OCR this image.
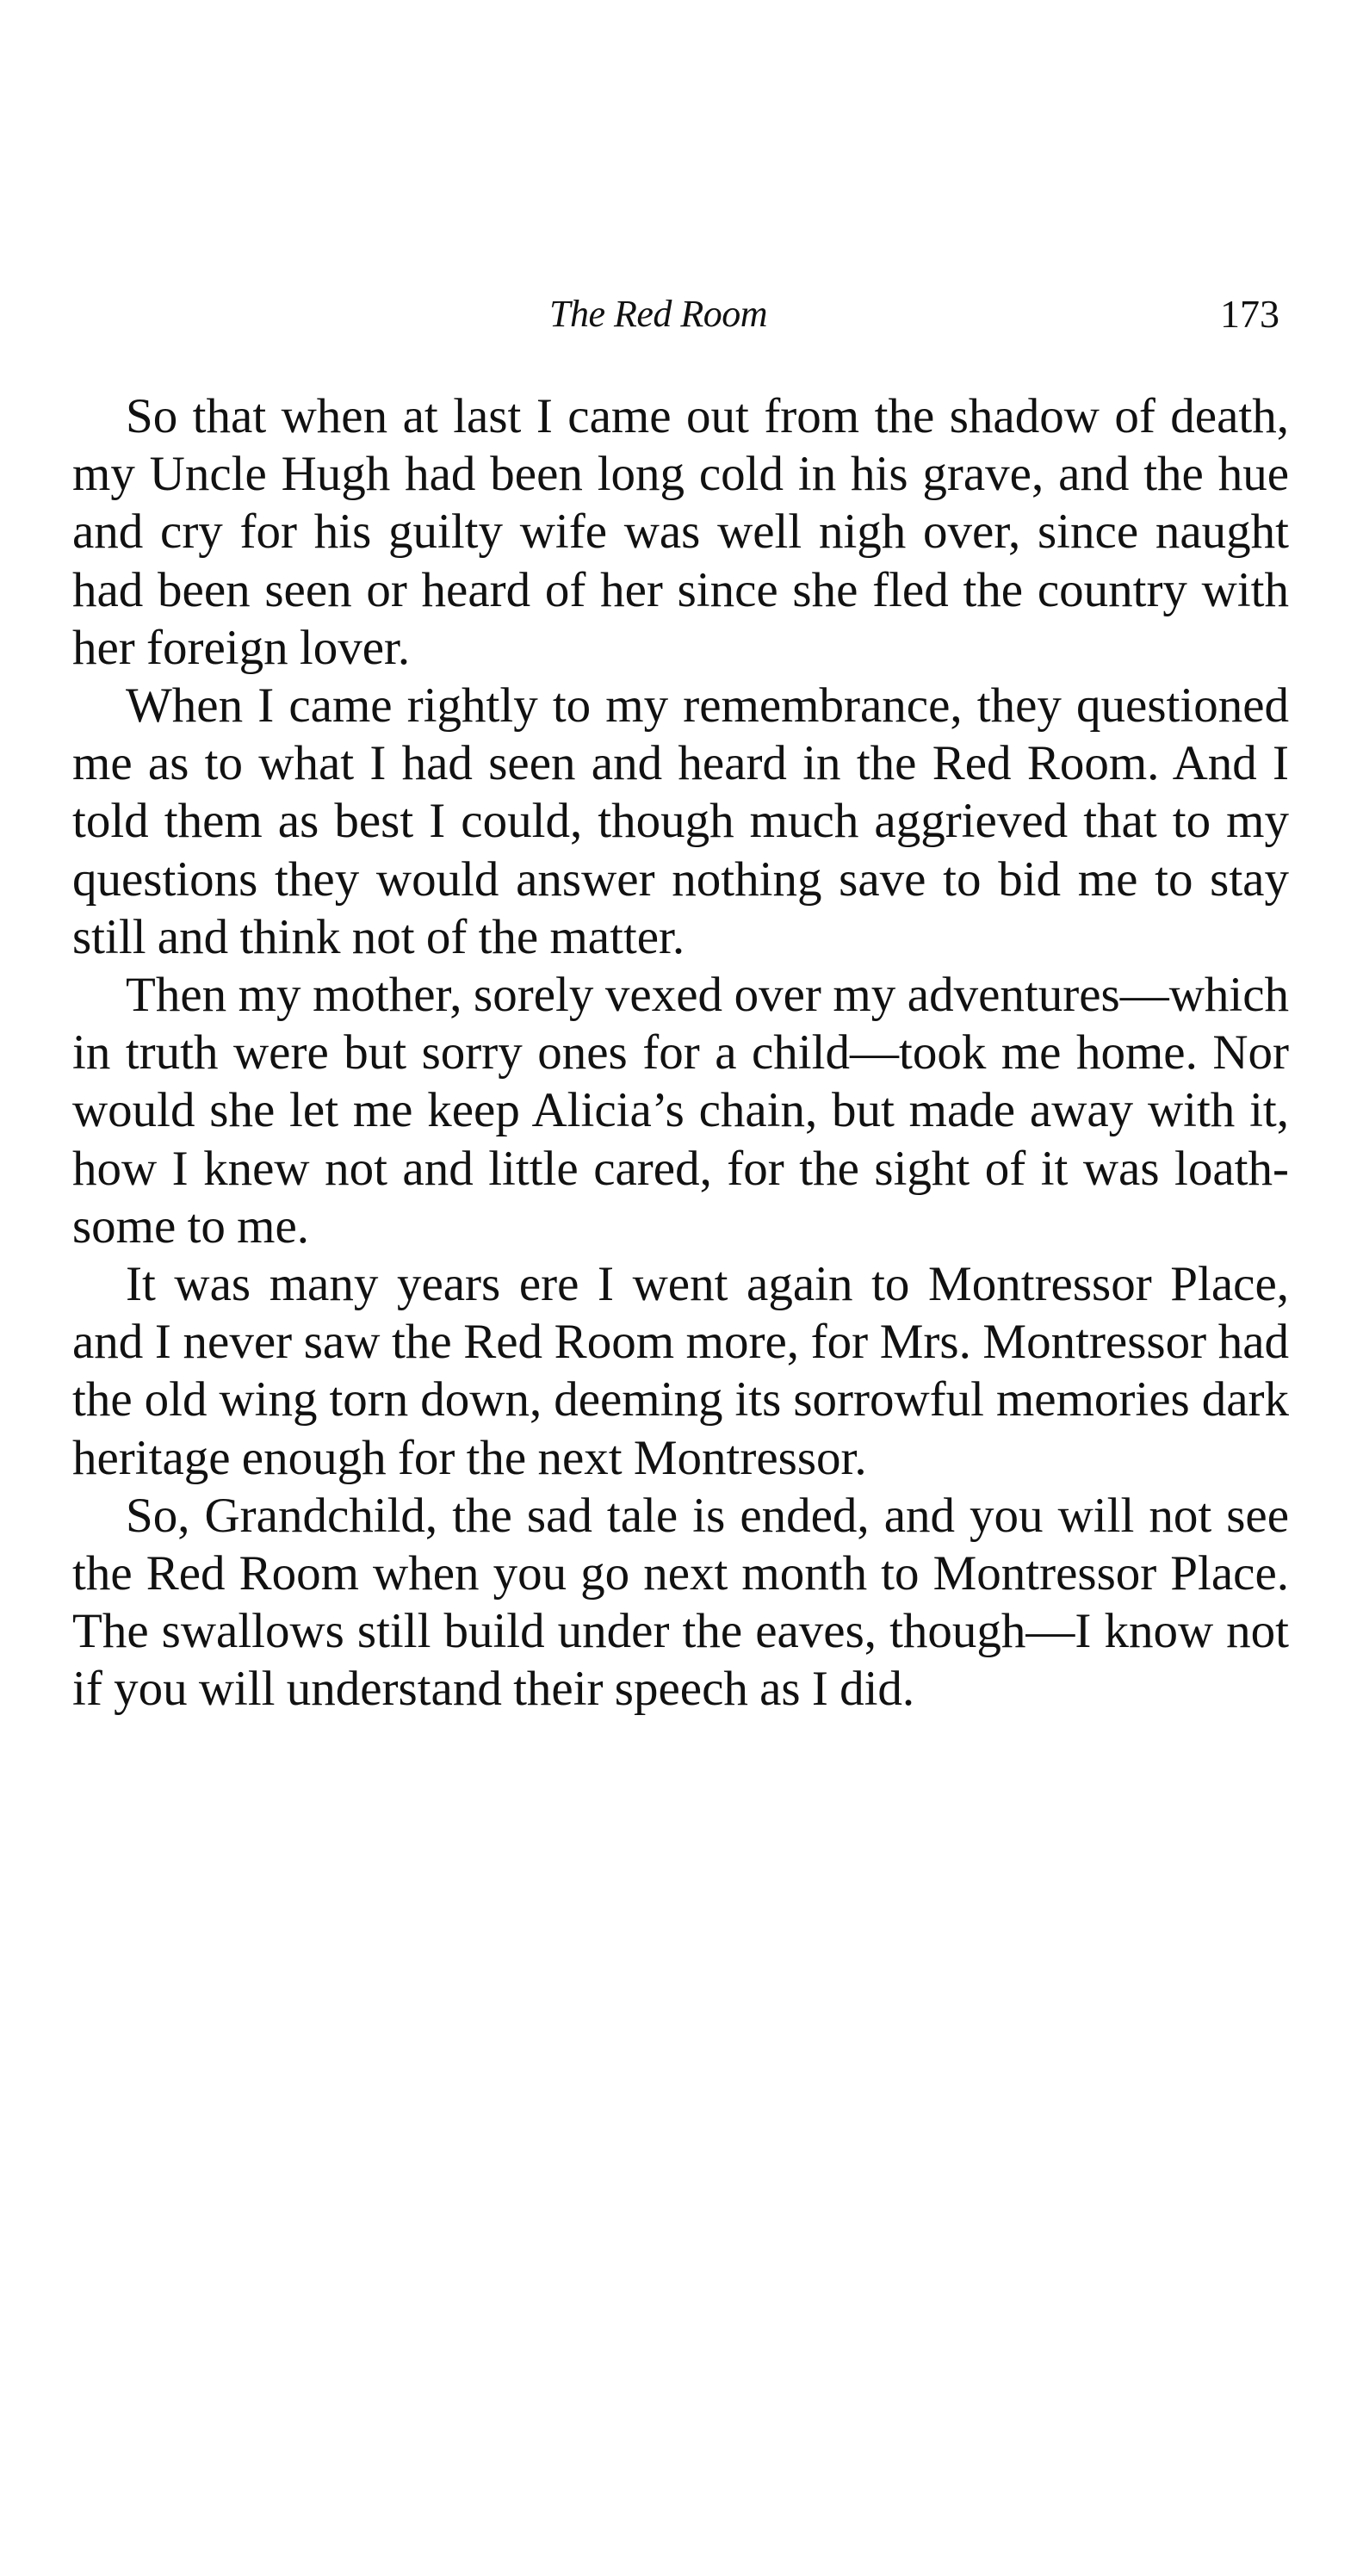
The Red Room	173

So that when at last I came out from the shadow of death, my Uncle Hugh had been long cold in his grave, and the hue and cry for his guilty wife was well nigh over, since naught had been seen or heard of her since she fled the country with her foreign lover.

When I came rightly to my remembrance, they questioned me as to what I had seen and heard in the Red Room. And I told them as best I could, though much aggrieved that to my questions they would answer nothing save to bid me to stay still and think not of the matter.

Then my mother, sorely vexed over my adventures—which in truth were but sorry ones for a child—took me home. Nor would she let me keep Alicia’s chain, but made away with it, how I knew not and little cared, for the sight of it was loathsome to me.

It was many years ere I went again to Montressor Place, and I never saw the Red Room more, for Mrs. Montressor had the old wing torn down, deeming its sorrowful memories dark heritage enough for the next Montressor.

So, Grandchild, the sad tale is ended, and you will not see the Red Room when you go next month to Montressor Place. The swallows still build under the eaves, though—I know not if you will understand their speech as I did.
